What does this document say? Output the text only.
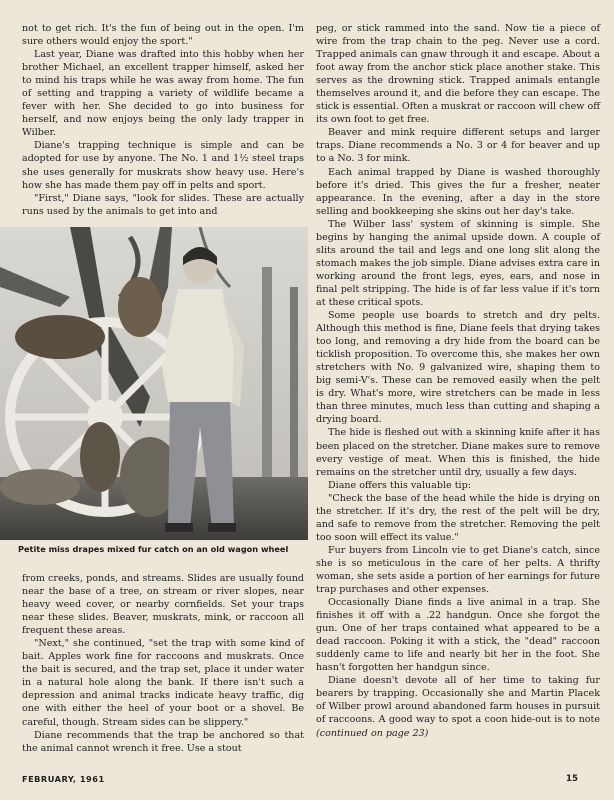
not to get rich. It's the fun of being out in the open. I'm sure others would enjoy the sport."

Last year, Diane was drafted into this hobby when her brother Michael, an excellent trapper himself, asked her to mind his traps while he was away from home. The fun of setting and trapping a variety of wildlife became a fever with her. She decided to go into business for herself, and now enjoys being the only lady trapper in Wilber.

Diane's trapping technique is simple and can be adopted for use by anyone. The No. 1 and 1½ steel traps she uses generally for muskrats show heavy use. Here's how she has made them pay off in pelts and sport.

"First," Diane says, "look for slides. These are actually runs used by the animals to get into and

Petite miss drapes mixed fur catch on an old wagon wheel

from creeks, ponds, and streams. Slides are usually found near the base of a tree, on stream or river slopes, near heavy weed cover, or nearby cornfields. Set your traps near these slides. Beaver, muskrats, mink, or raccoon all frequent these areas.

"Next," she continued, "set the trap with some kind of bait. Apples work fine for raccoons and muskrats. Once the bait is secured, and the trap set, place it under water in a natural hole along the bank. If there isn't such a depression and animal tracks indicate heavy traffic, dig one with either the heel of your boot or a shovel. Be careful, though. Stream sides can be slippery."

Diane recommends that the trap be anchored so that the animal cannot wrench it free. Use a stout

peg, or stick rammed into the sand. Now tie a piece of wire from the trap chain to the peg. Never use a cord. Trapped animals can gnaw through it and escape. About a foot away from the anchor stick place another stake. This serves as the drowning stick. Trapped animals entangle themselves around it, and die before they can escape. The stick is essential. Often a muskrat or raccoon will chew off its own foot to get free.

Beaver and mink require different setups and larger traps. Diane recommends a No. 3 or 4 for beaver and up to a No. 3 for mink.

Each animal trapped by Diane is washed thoroughly before it's dried. This gives the fur a fresher, neater appearance. In the evening, after a day in the store selling and bookkeeping she skins out her day's take.

The Wilber lass' system of skinning is simple. She begins by hanging the animal upside down. A couple of slits around the tail and legs and one long slit along the stomach makes the job simple. Diane advises extra care in working around the front legs, eyes, ears, and nose in final pelt stripping. The hide is of far less value if it's torn at these critical spots.

Some people use boards to stretch and dry pelts. Although this method is fine, Diane feels that drying takes too long, and removing a dry hide from the board can be ticklish proposition. To overcome this, she makes her own stretchers with No. 9 galvanized wire, shaping them to big semi-V's. These can be removed easily when the pelt is dry. What's more, wire stretchers can be made in less than three minutes, much less than cutting and shaping a drying board.

The hide is fleshed out with a skinning knife after it has been placed on the stretcher. Diane makes sure to remove every vestige of meat. When this is finished, the hide remains on the stretcher until dry, usually a few days.

Diane offers this valuable tip:

"Check the base of the head while the hide is drying on the stretcher. If it's dry, the rest of the pelt will be dry, and safe to remove from the stretcher. Removing the pelt too soon will effect its value."

Fur buyers from Lincoln vie to get Diane's catch, since she is so meticulous in the care of her pelts. A thrifty woman, she sets aside a portion of her earnings for future trap purchases and other expenses.

Occasionally Diane finds a live animal in a trap. She finishes it off with a .22 handgun. Once she forgot the gun. One of her traps contained what appeared to be a dead raccoon. Poking it with a stick, the "dead" raccoon suddenly came to life and nearly bit her in the foot. She hasn't forgotten her handgun since.

Diane doesn't devote all of her time to taking fur bearers by trapping. Occasionally she and Martin Placek of Wilber prowl around abandoned farm houses in pursuit of raccoons. A good way to spot a coon hide-out is to note (continued on page 23)

FEBRUARY, 1961	15
